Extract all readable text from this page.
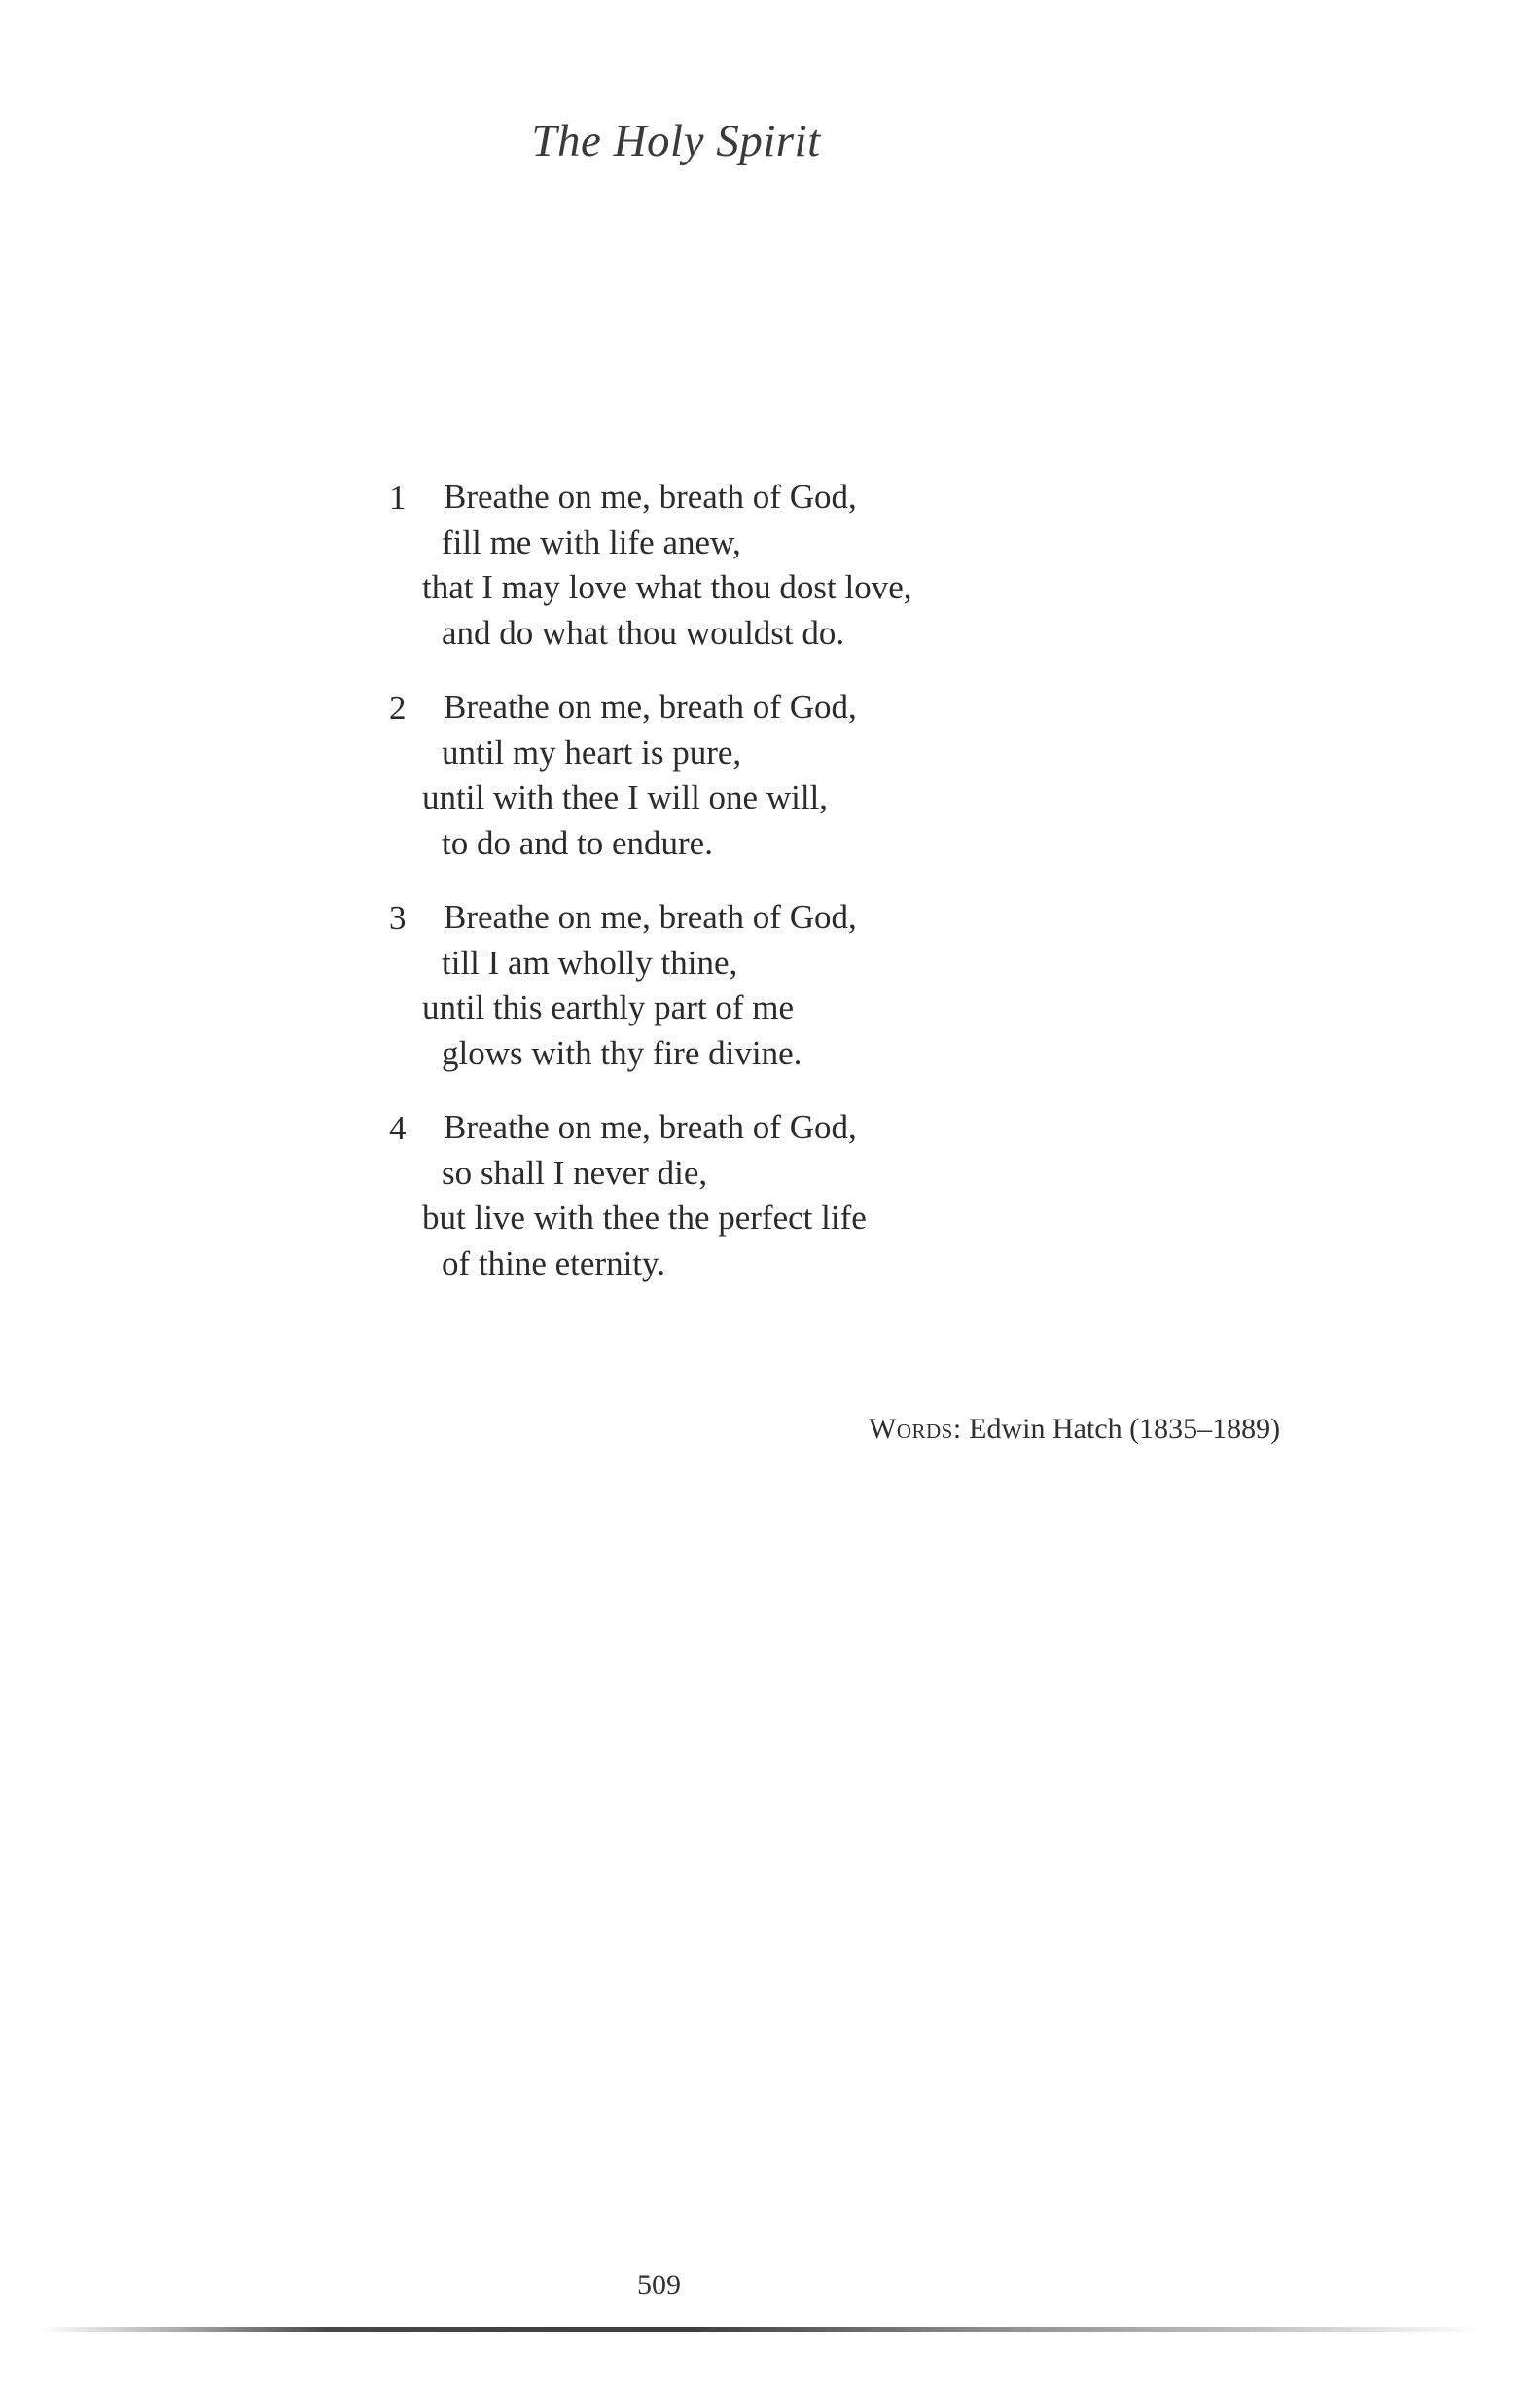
The Holy Spirit
1	Breathe on me, breath of God,
fill me with life anew,
that I may love what thou dost love,
and do what thou wouldst do.
2	Breathe on me, breath of God,
until my heart is pure,
until with thee I will one will,
to do and to endure.
3	Breathe on me, breath of God,
till I am wholly thine,
until this earthly part of me
glows with thy fire divine.
4	Breathe on me, breath of God,
so shall I never die,
but live with thee the perfect life
of thine eternity.
Words: Edwin Hatch (1835–1889)
509
